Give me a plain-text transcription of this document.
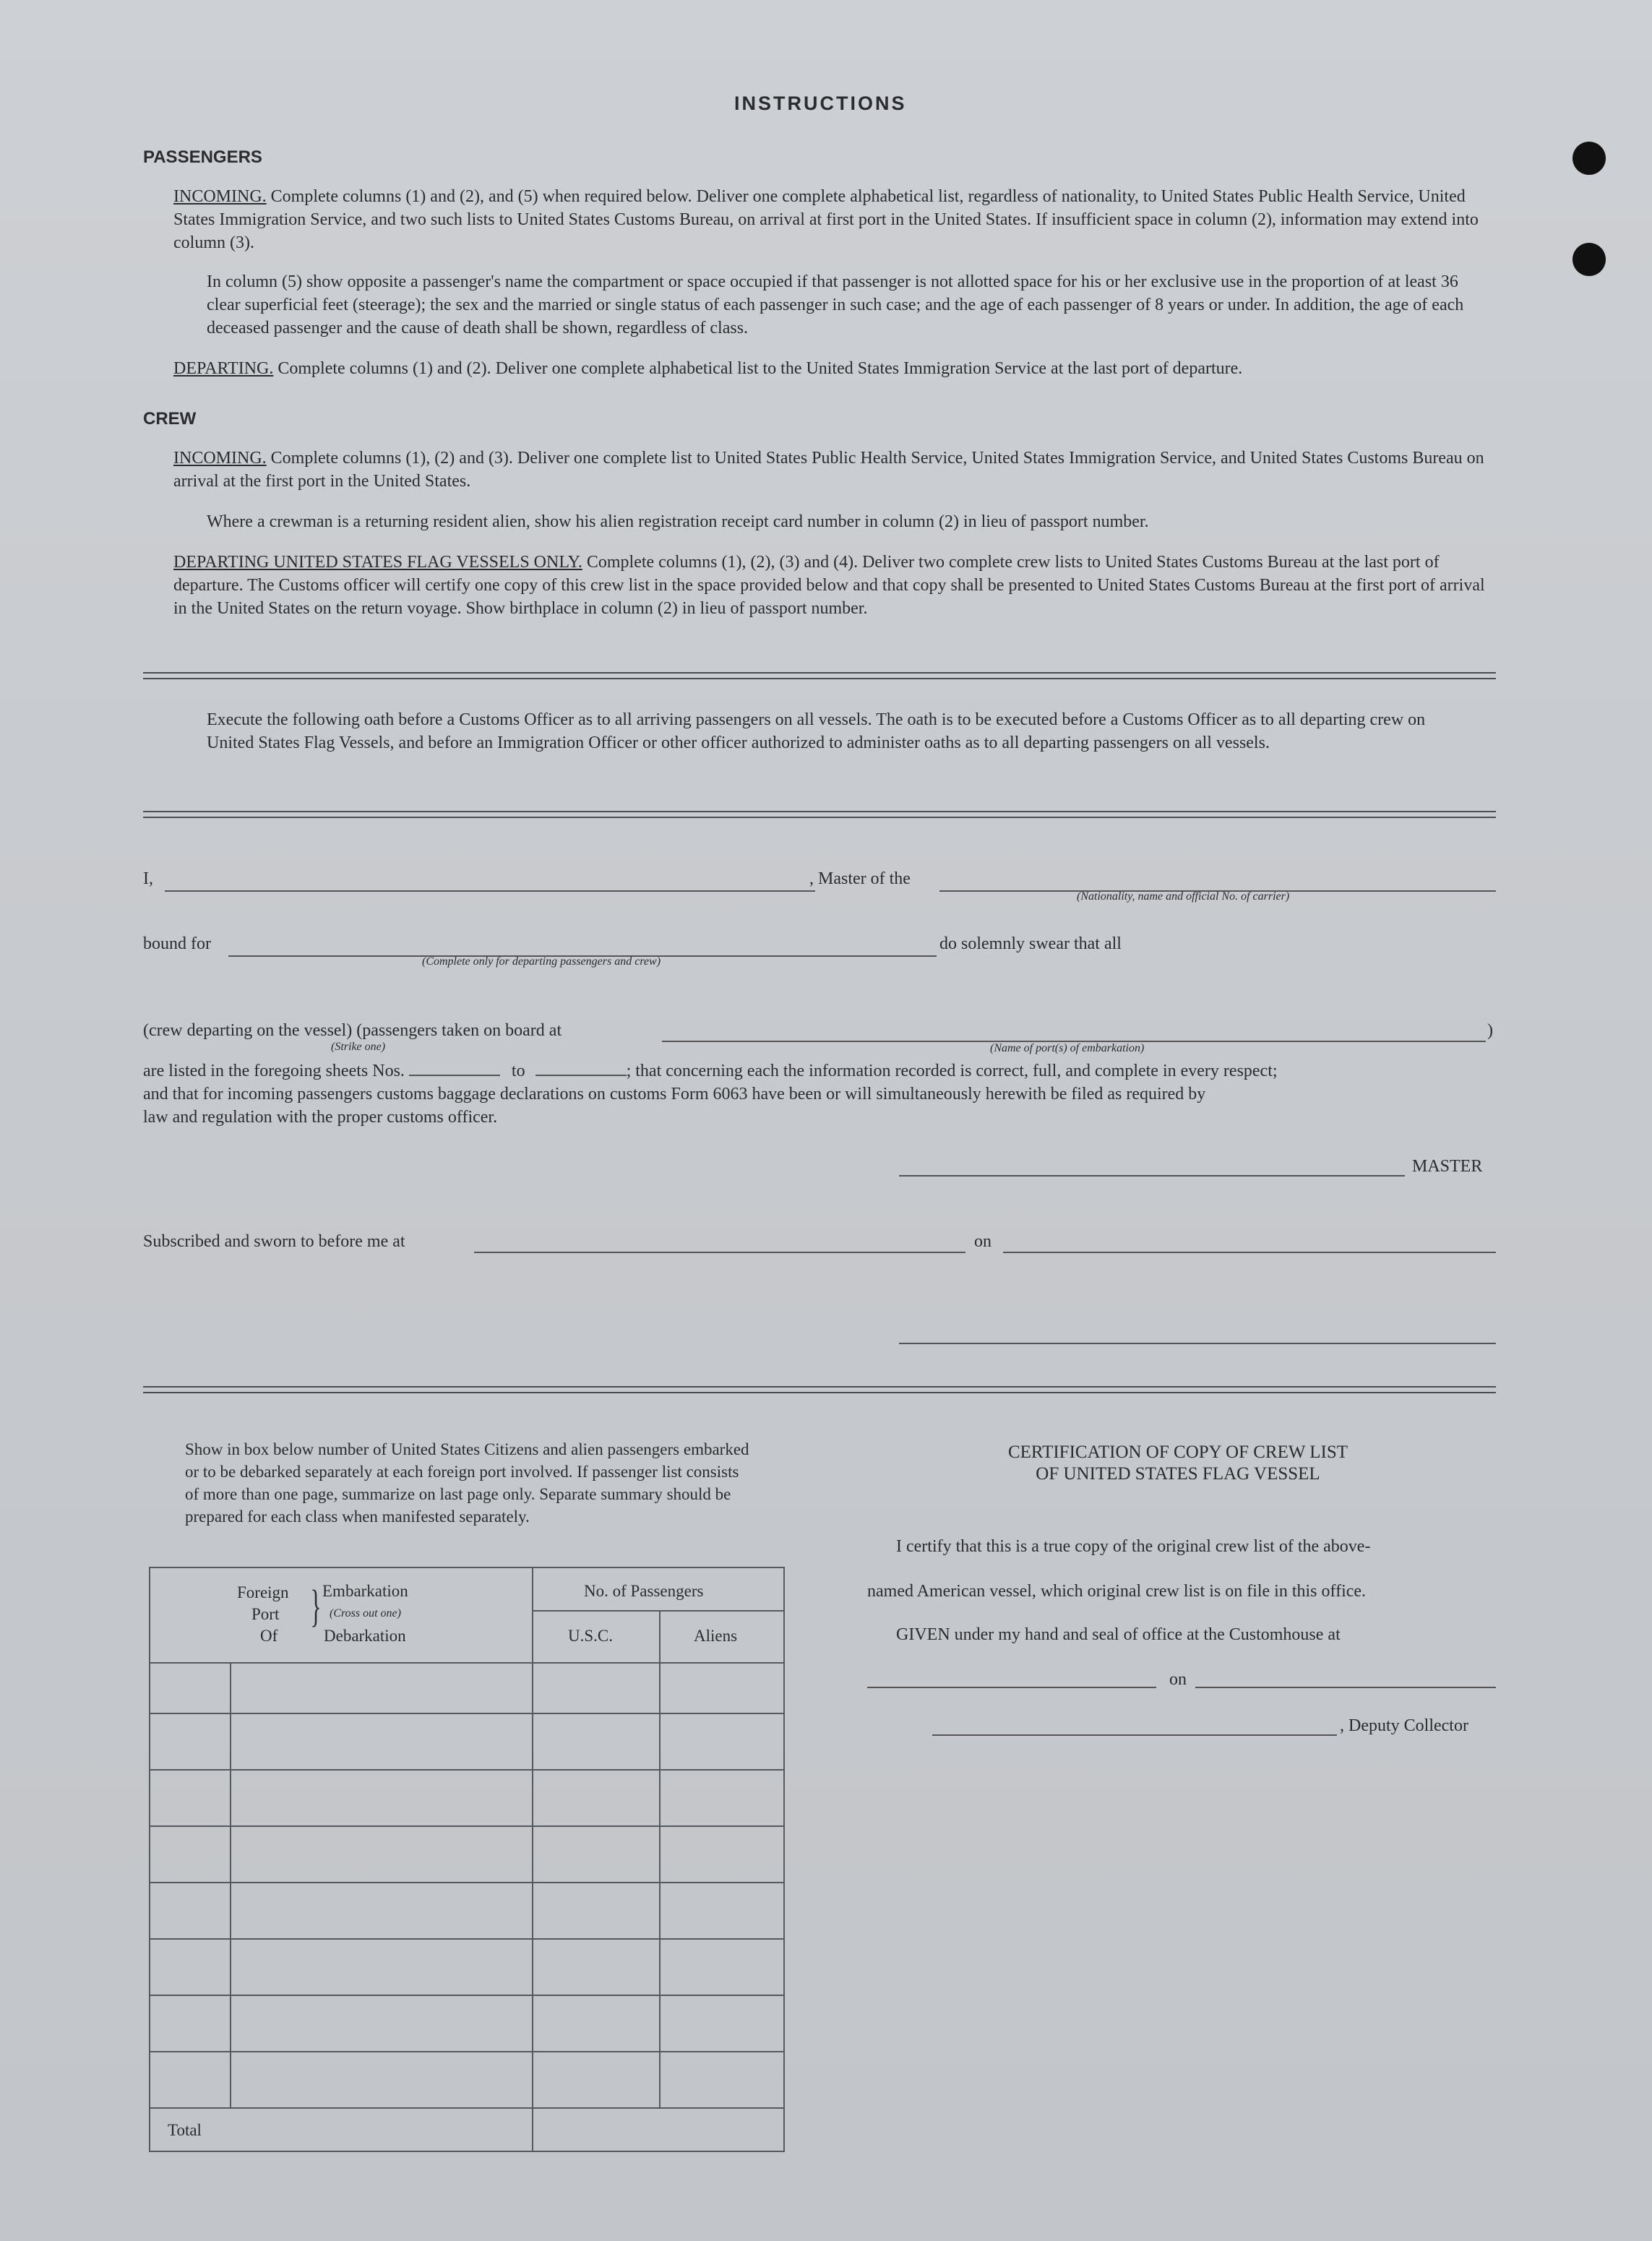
INSTRUCTIONS
PASSENGERS
INCOMING. Complete columns (1) and (2), and (5) when required below. Deliver one complete alphabetical list, regardless of nationality, to United States Public Health Service, United States Immigration Service, and two such lists to United States Customs Bureau, on arrival at first port in the United States. If insufficient space in column (2), information may extend into column (3).
In column (5) show opposite a passenger's name the compartment or space occupied if that passenger is not allotted space for his or her exclusive use in the proportion of at least 36 clear superficial feet (steerage); the sex and the married or single status of each passenger in such case; and the age of each passenger of 8 years or under. In addition, the age of each deceased passenger and the cause of death shall be shown, regardless of class.
DEPARTING. Complete columns (1) and (2). Deliver one complete alphabetical list to the United States Immigration Service at the last port of departure.
CREW
INCOMING. Complete columns (1), (2) and (3). Deliver one complete list to United States Public Health Service, United States Immigration Service, and United States Customs Bureau on arrival at the first port in the United States.
Where a crewman is a returning resident alien, show his alien registration receipt card number in column (2) in lieu of passport number.
DEPARTING UNITED STATES FLAG VESSELS ONLY. Complete columns (1), (2), (3) and (4). Deliver two complete crew lists to United States Customs Bureau at the last port of departure. The Customs officer will certify one copy of this crew list in the space provided below and that copy shall be presented to United States Customs Bureau at the first port of arrival in the United States on the return voyage. Show birthplace in column (2) in lieu of passport number.
Execute the following oath before a Customs Officer as to all arriving passengers on all vessels. The oath is to be executed before a Customs Officer as to all departing crew on United States Flag Vessels, and before an Immigration Officer or other officer authorized to administer oaths as to all departing passengers on all vessels.
I,	, Master of the
(Nationality, name and official No. of carrier)
bound for
(Complete only for departing passengers and crew)
do solemnly swear that all
(crew departing on the vessel) (passengers taken on board at
(Strike one)	(Name of port(s) of embarkation)
)
are listed in the foregoing sheets Nos.	to	; that concerning each the information recorded is correct, full, and complete in every respect;
and that for incoming passengers customs baggage declarations on customs Form 6063 have been or will simultaneously herewith be filed as required by
law and regulation with the proper customs officer.
MASTER
Subscribed and sworn to before me at	on
Show in box below number of United States Citizens and alien passengers embarked or to be debarked separately at each foreign port involved. If passenger list consists of more than one page, summarize on last page only. Separate summary should be prepared for each class when manifested separately.
Foreign
Port
Of
} Embarkation
(Cross out one)
Debarkation
No. of Passengers
U.S.C.	Aliens
Total
CERTIFICATION OF COPY OF CREW LIST
OF UNITED STATES FLAG VESSEL
I certify that this is a true copy of the original crew list of the above-
named American vessel, which original crew list is on file in this office.
GIVEN under my hand and seal of office at the Customhouse at
on
, Deputy Collector
